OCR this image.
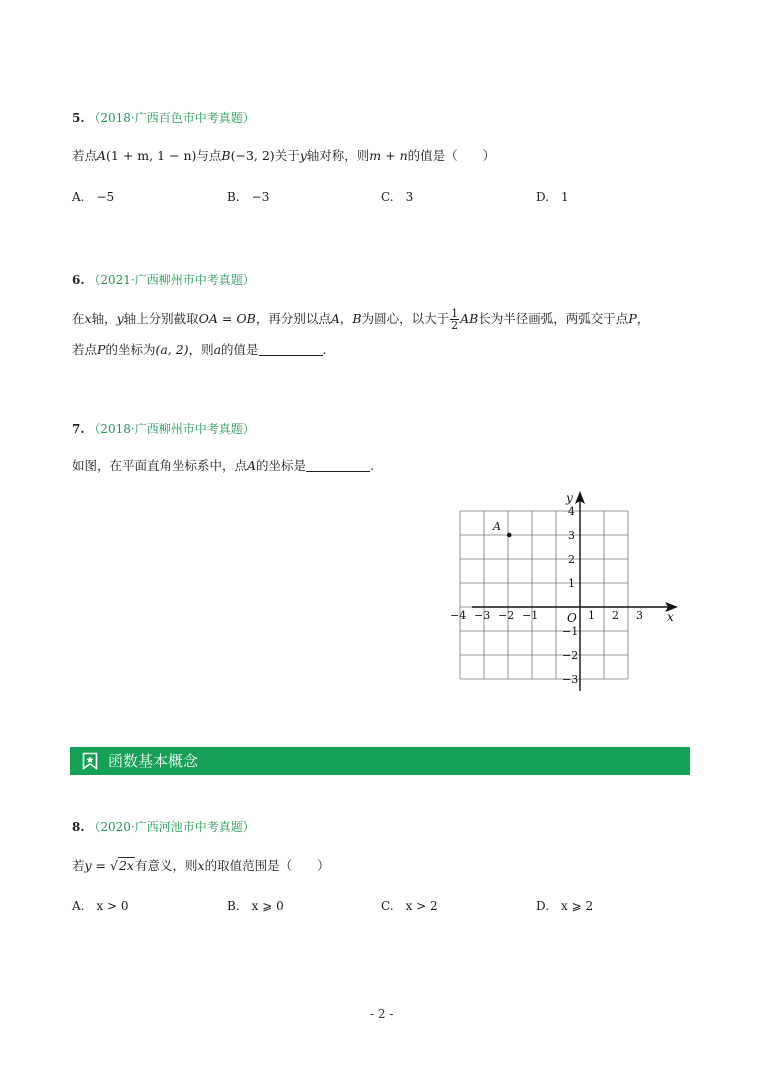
5. （2018·广西百色市中考真题）
若点A(1 + m, 1 − n)与点B(−3, 2)关于y轴对称，则m + n的值是（　　）
A.　−5	B.　−3	C.　3	D.　1
6. （2021·广西柳州市中考真题）
在x轴，y轴上分别截取OA = OB，再分别以点A，B为圆心，以大于 $\frac{1}{2}$ AB长为半径画弧，两弧交于点P，
若点P的坐标为(a, 2)，则a的值是	.
7. （2018·广西柳州市中考真题）
如图，在平面直角坐标系中，点A的坐标是	.
x
y
O
−4 −3 −2 −1	1 2 3
4
3
2
1
−1
−2
−3
A
函数基本概念
8. （2020·广西河池市中考真题）
若y = √2x有意义，则x的取值范围是（　　）
A.　x > 0	B.　x ⩾ 0	C.　x > 2	D.　x ⩾ 2
- 2 -
